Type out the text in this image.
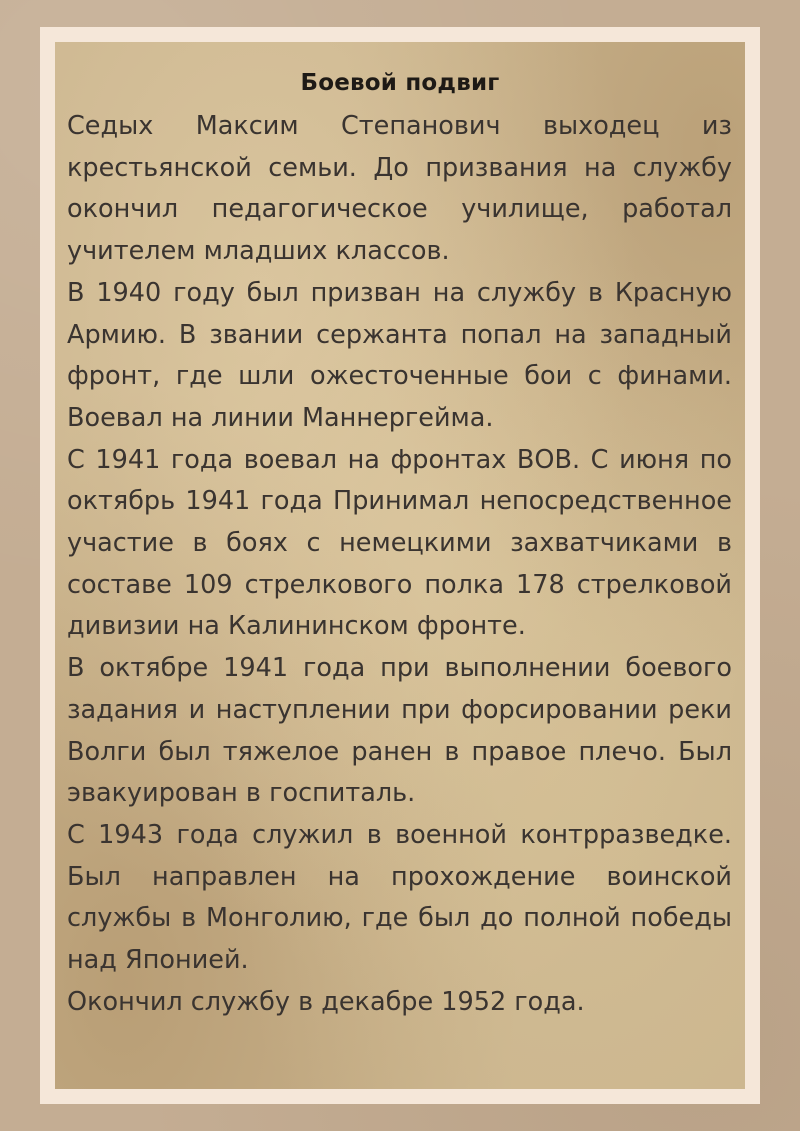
Боевой подвиг

Седых Максим Степанович выходец из крестьянской семьи. До призвания на службу окончил педагогическое училище, работал учителем младших классов.

В 1940 году был призван на службу в Красную Армию. В звании сержанта попал на западный фронт, где шли ожесточенные бои с финами. Воевал на линии Маннергейма.

С 1941 года воевал на фронтах ВОВ. С июня по октябрь 1941 года Принимал непосредственное участие в боях с немецкими захватчиками в составе 109 стрелкового полка 178 стрелковой дивизии на Калининском фронте.

В октябре 1941 года при выполнении боевого задания и наступлении при форсировании реки Волги был тяжелое ранен в правое плечо. Был эвакуирован в госпиталь.

С 1943 года служил в военной контрразведке. Был направлен на прохождение воинской службы в Монголию, где был до полной победы над Японией.

Окончил службу в декабре 1952 года.
